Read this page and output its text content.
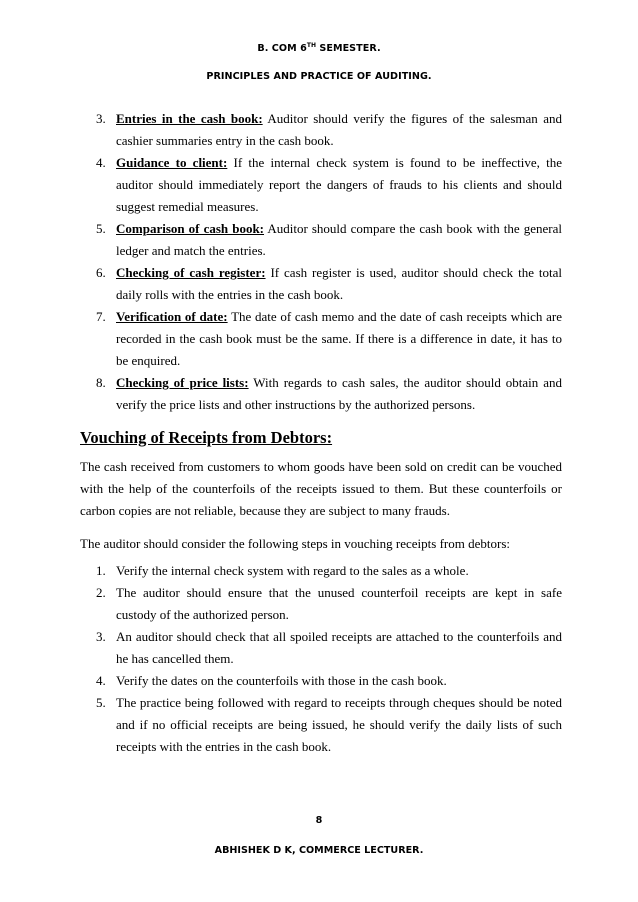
B. COM 6TH SEMESTER.
PRINCIPLES AND PRACTICE OF AUDITING.
3. Entries in the cash book: Auditor should verify the figures of the salesman and cashier summaries entry in the cash book.
4. Guidance to client: If the internal check system is found to be ineffective, the auditor should immediately report the dangers of frauds to his clients and should suggest remedial measures.
5. Comparison of cash book: Auditor should compare the cash book with the general ledger and match the entries.
6. Checking of cash register: If cash register is used, auditor should check the total daily rolls with the entries in the cash book.
7. Verification of date: The date of cash memo and the date of cash receipts which are recorded in the cash book must be the same. If there is a difference in date, it has to be enquired.
8. Checking of price lists: With regards to cash sales, the auditor should obtain and verify the price lists and other instructions by the authorized persons.
Vouching of Receipts from Debtors:

The cash received from customers to whom goods have been sold on credit can be vouched with the help of the counterfoils of the receipts issued to them. But these counterfoils or carbon copies are not reliable, because they are subject to many frauds.

The auditor should consider the following steps in vouching receipts from debtors:

1. Verify the internal check system with regard to the sales as a whole.
2. The auditor should ensure that the unused counterfoil receipts are kept in safe custody of the authorized person.
3. An auditor should check that all spoiled receipts are attached to the counterfoils and he has cancelled them.
4. Verify the dates on the counterfoils with those in the cash book.
5. The practice being followed with regard to receipts through cheques should be noted and if no official receipts are being issued, he should verify the daily lists of such receipts with the entries in the cash book.
8
ABHISHEK D K, COMMERCE LECTURER.
